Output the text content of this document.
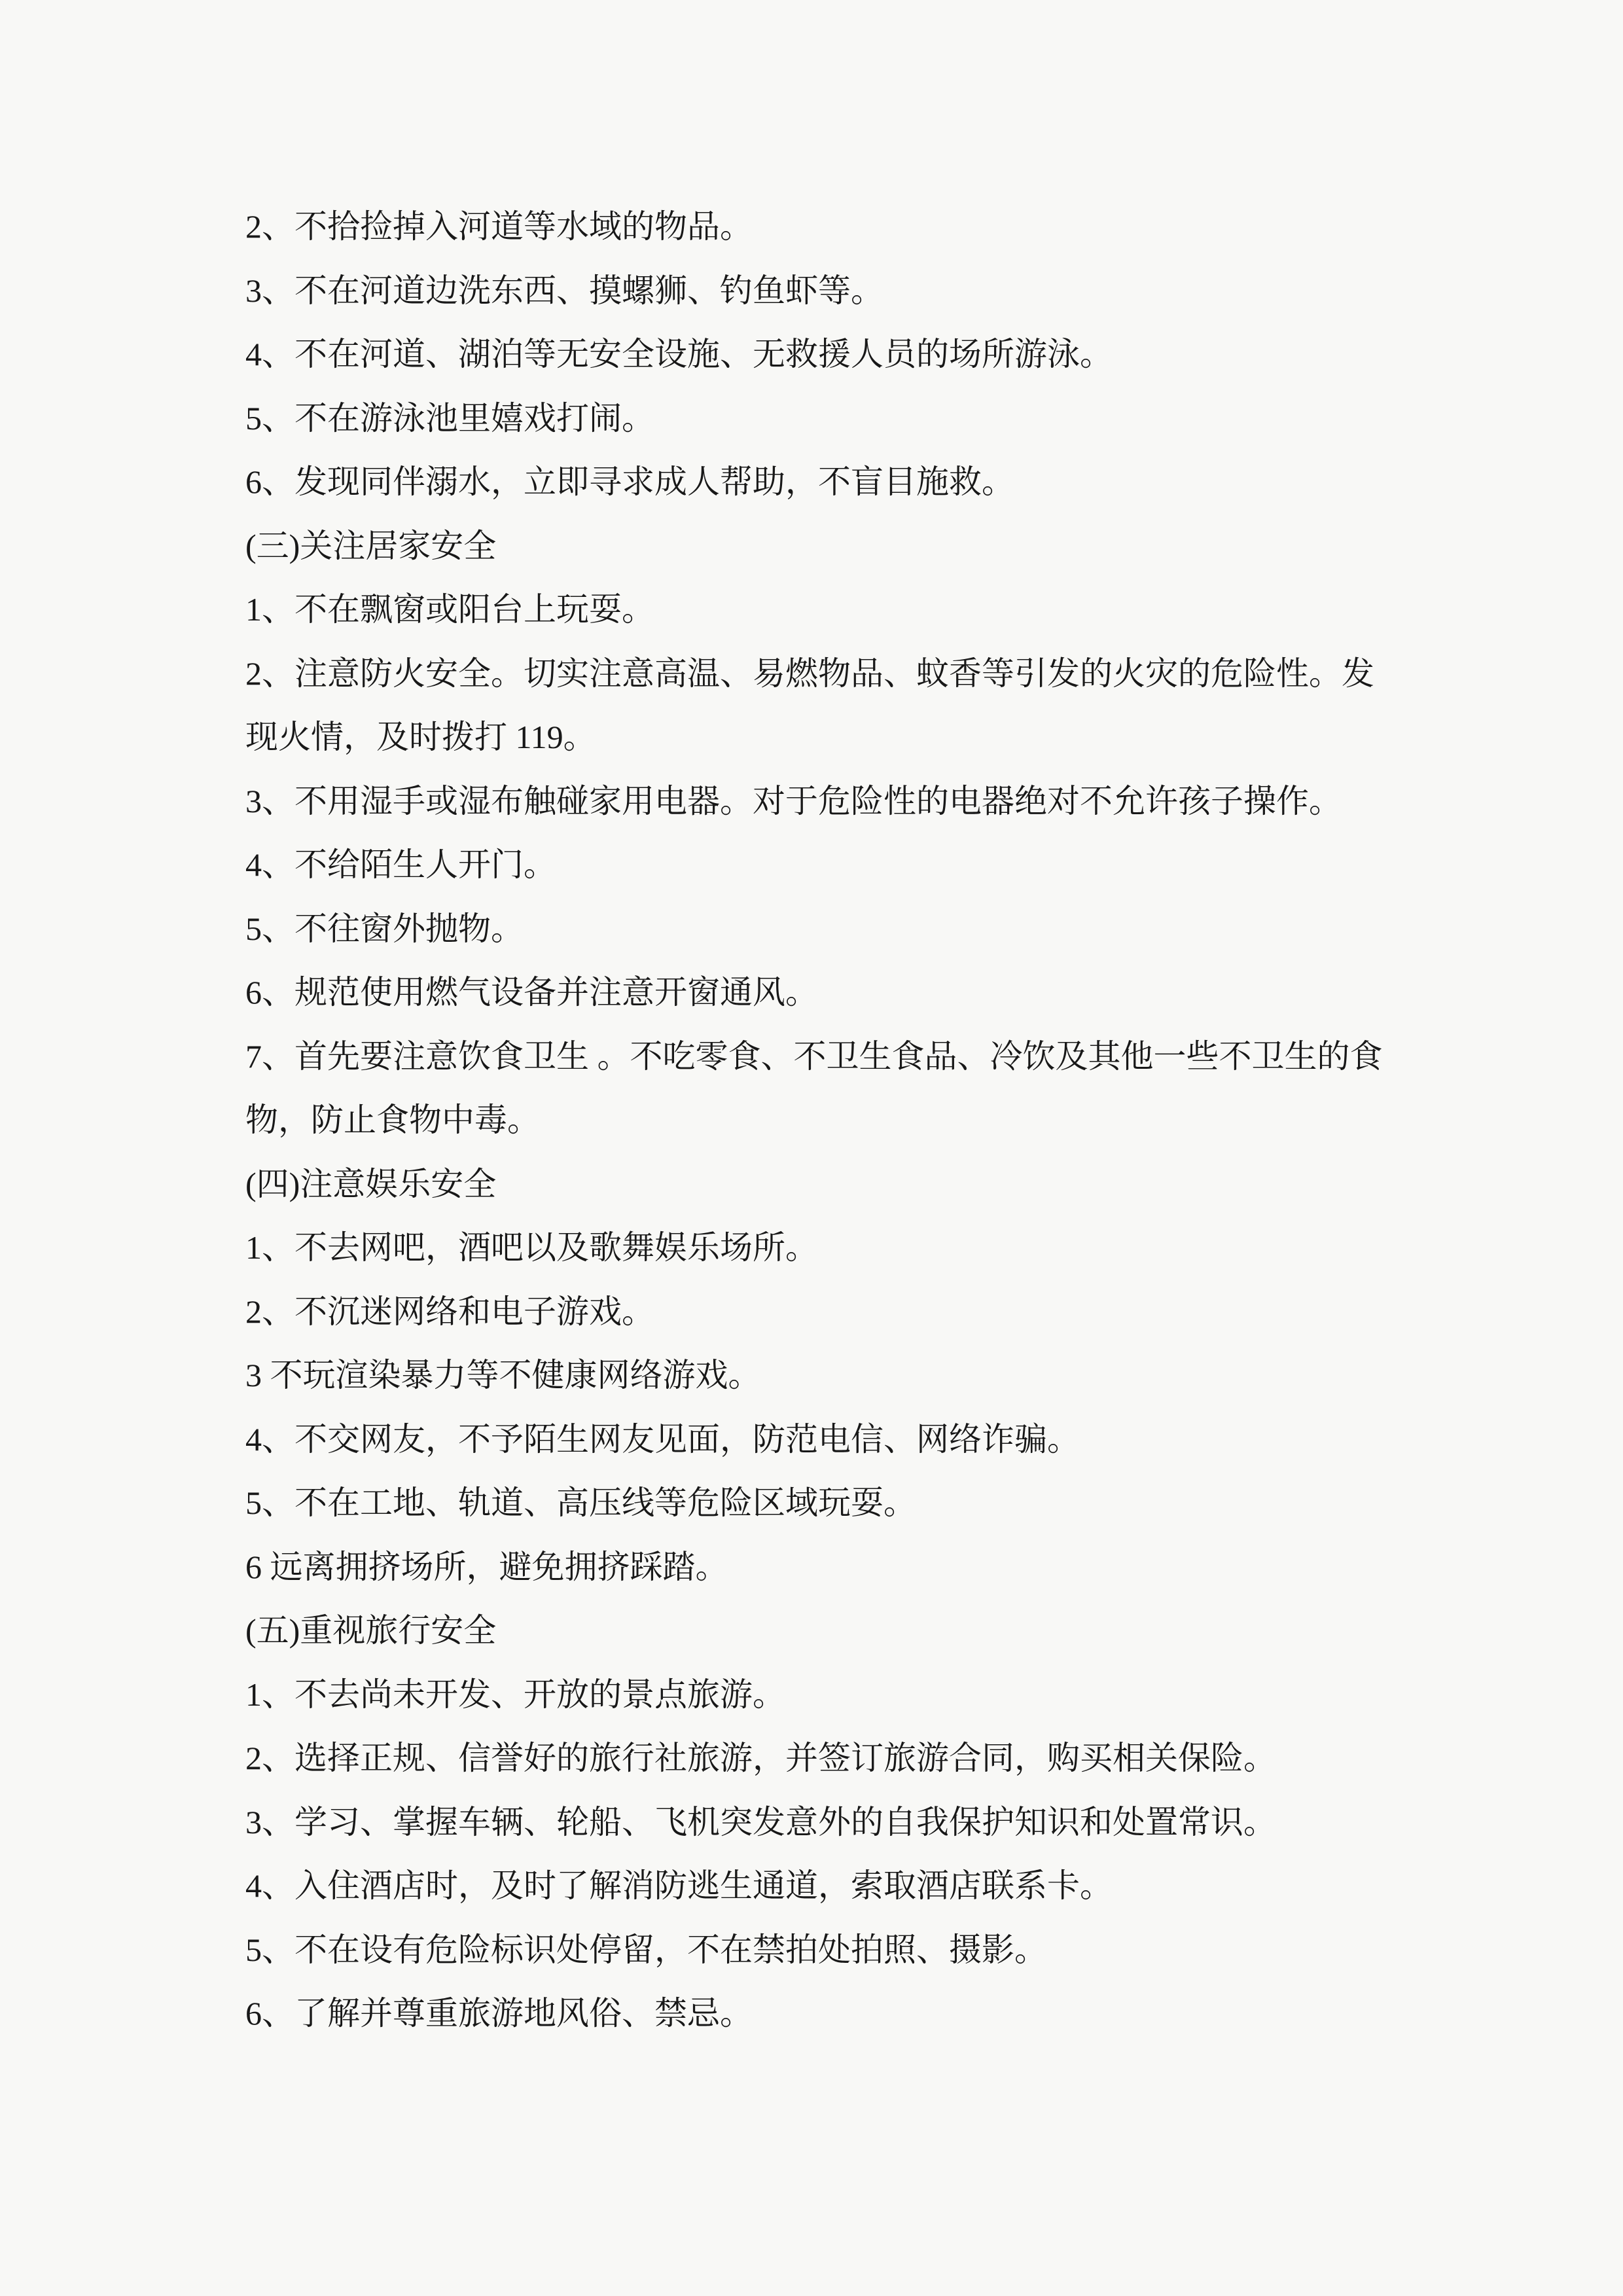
2、不拾捡掉入河道等水域的物品。
3、不在河道边洗东西、摸螺狮、钓鱼虾等。
4、不在河道、湖泊等无安全设施、无救援人员的场所游泳。
5、不在游泳池里嬉戏打闹。
6、发现同伴溺水，立即寻求成人帮助，不盲目施救。
(三)关注居家安全
1、不在飘窗或阳台上玩耍。
2、注意防火安全。切实注意高温、易燃物品、蚊香等引发的火灾的危险性。发
现火情，及时拨打 119。
3、不用湿手或湿布触碰家用电器。对于危险性的电器绝对不允许孩子操作。
4、不给陌生人开门。
5、不往窗外抛物。
6、规范使用燃气设备并注意开窗通风。
7、首先要注意饮食卫生 。不吃零食、不卫生食品、冷饮及其他一些不卫生的食
物，防止食物中毒。
(四)注意娱乐安全
1、不去网吧，酒吧以及歌舞娱乐场所。
2、不沉迷网络和电子游戏。
3 不玩渲染暴力等不健康网络游戏。
4、不交网友，不予陌生网友见面，防范电信、网络诈骗。
5、不在工地、轨道、高压线等危险区域玩耍。
6 远离拥挤场所，避免拥挤踩踏。
(五)重视旅行安全
1、不去尚未开发、开放的景点旅游。
2、选择正规、信誉好的旅行社旅游，并签订旅游合同，购买相关保险。
3、学习、掌握车辆、轮船、飞机突发意外的自我保护知识和处置常识。
4、入住酒店时，及时了解消防逃生通道，索取酒店联系卡。
5、不在设有危险标识处停留，不在禁拍处拍照、摄影。
6、了解并尊重旅游地风俗、禁忌。
